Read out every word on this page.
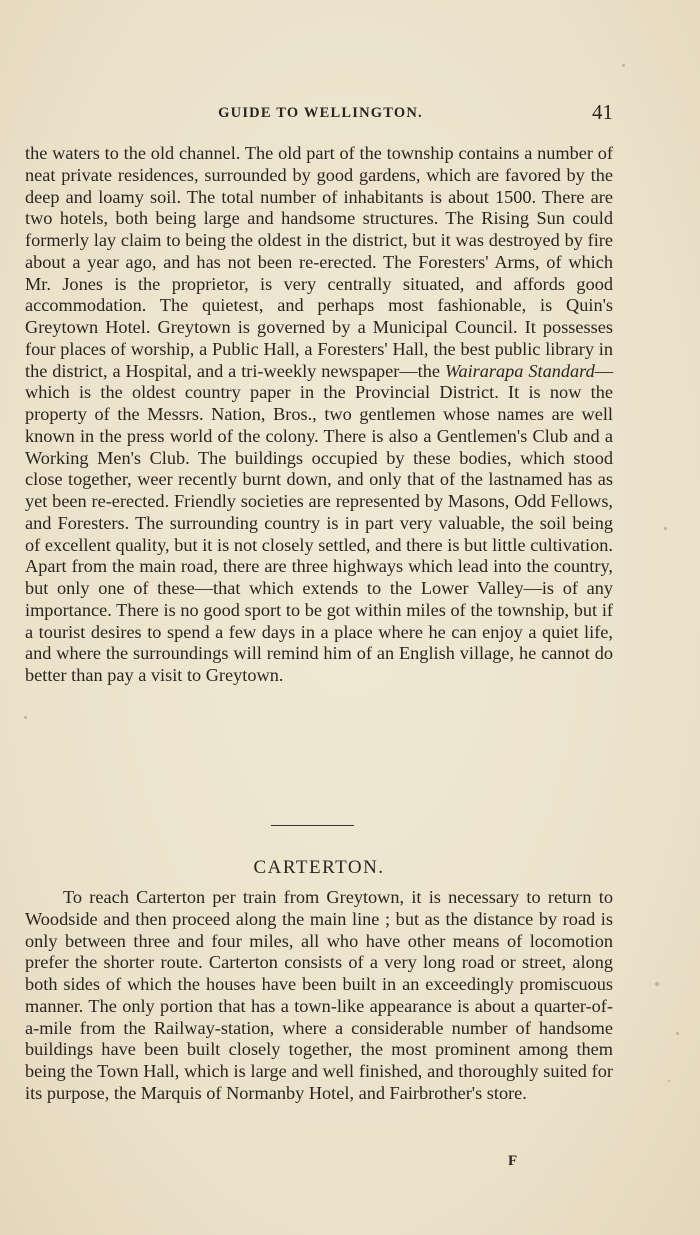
GUIDE TO WELLINGTON.	41

the waters to the old channel. The old part of the township contains a number of neat private residences, surrounded by good gardens, which are favored by the deep and loamy soil. The total number of inhabitants is about 1500. There are two hotels, both being large and handsome structures. The Rising Sun could formerly lay claim to being the oldest in the district, but it was destroyed by fire about a year ago, and has not been re-erected. The Foresters' Arms, of which Mr. Jones is the proprietor, is very centrally situated, and affords good accommodation. The quietest, and perhaps most fashionable, is Quin's Greytown Hotel. Greytown is governed by a Municipal Council. It possesses four places of worship, a Public Hall, a Foresters' Hall, the best public library in the district, a Hospital, and a tri-weekly newspaper—the Wairarapa Standard—which is the oldest country paper in the Provincial District. It is now the property of the Messrs. Nation, Bros., two gentlemen whose names are well known in the press world of the colony. There is also a Gentlemen's Club and a Working Men's Club. The buildings occupied by these bodies, which stood close together, weer recently burnt down, and only that of the lastnamed has as yet been re-erected. Friendly societies are represented by Masons, Odd Fellows, and Foresters. The surrounding country is in part very valuable, the soil being of excellent quality, but it is not closely settled, and there is but little cultivation. Apart from the main road, there are three highways which lead into the country, but only one of these—that which extends to the Lower Valley—is of any importance. There is no good sport to be got within miles of the township, but if a tourist desires to spend a few days in a place where he can enjoy a quiet life, and where the surroundings will remind him of an English village, he cannot do better than pay a visit to Greytown.

CARTERTON.

To reach Carterton per train from Greytown, it is necessary to return to Woodside and then proceed along the main line ; but as the distance by road is only between three and four miles, all who have other means of locomotion prefer the shorter route. Carterton consists of a very long road or street, along both sides of which the houses have been built in an exceedingly promiscuous manner. The only portion that has a town-like appearance is about a quarter-of-a-mile from the Railway-station, where a considerable number of handsome buildings have been built closely together, the most prominent among them being the Town Hall, which is large and well finished, and thoroughly suited for its purpose, the Marquis of Normanby Hotel, and Fairbrother's store.

F
